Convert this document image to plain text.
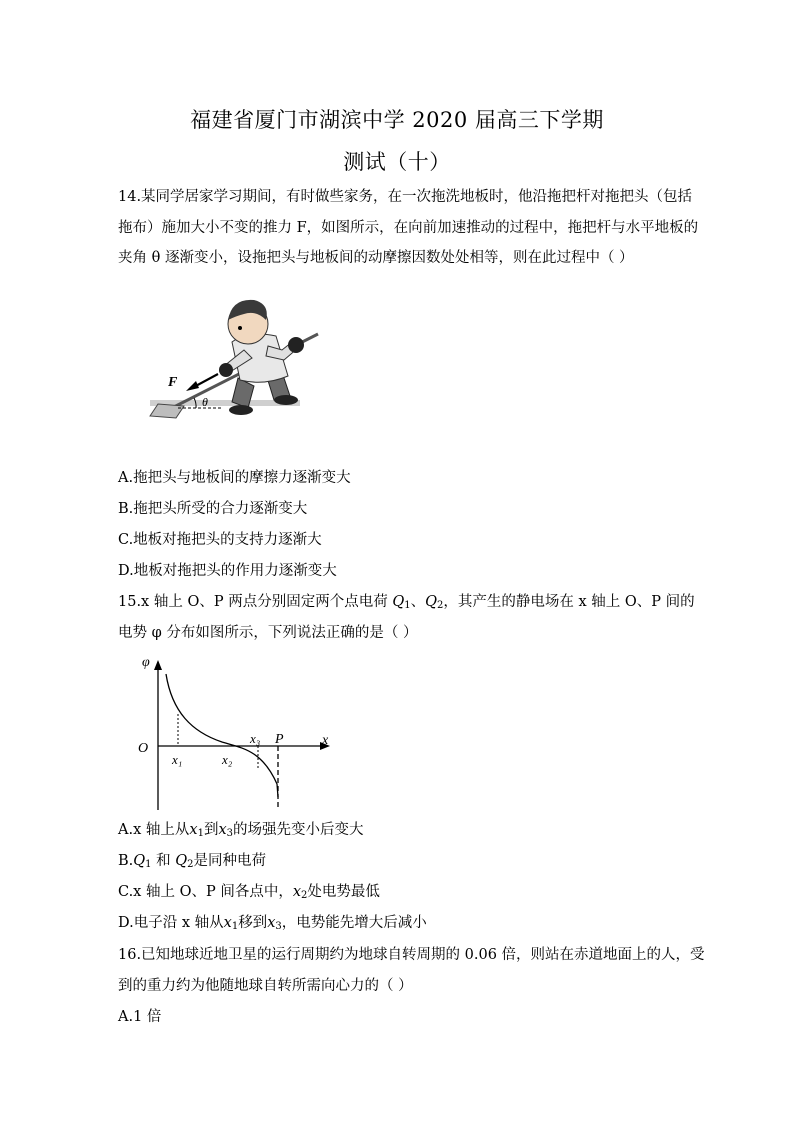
福建省厦门市湖滨中学 2020 届高三下学期
测试（十）
14.某同学居家学习期间，有时做些家务，在一次拖洗地板时，他沿拖把杆对拖把头（包括
拖布）施加大小不变的推力 F，如图所示，在向前加速推动的过程中，拖把杆与水平地板的
夹角 θ 逐渐变小，设拖把头与地板间的动摩擦因数处处相等，则在此过程中（ ）
F
θ
A.拖把头与地板间的摩擦力逐渐变大
B.拖把头所受的合力逐渐变大
C.地板对拖把头的支持力逐渐大
D.地板对拖把头的作用力逐渐变大
15.x 轴上 O、P 两点分别固定两个点电荷 $Q_1$、$Q_2$，其产生的静电场在 x 轴上 O、P 间的
电势 φ 分布如图所示，下列说法正确的是（ ）
φ
O
x
P
x₁	x₂
x₃
A.x 轴上从$x_1$到$x_3$的场强先变小后变大
$B.Q_1$ 和 $Q_2$是同种电荷
C.x 轴上 O、P 间各点中，$x_2$处电势最低
D.电子沿 x 轴从$x_1$移到$x_3$，电势能先增大后减小
16.已知地球近地卫星的运行周期约为地球自转周期的 0.06 倍，则站在赤道地面上的人，受
到的重力约为他随地球自转所需向心力的（ ）
A.1 倍
